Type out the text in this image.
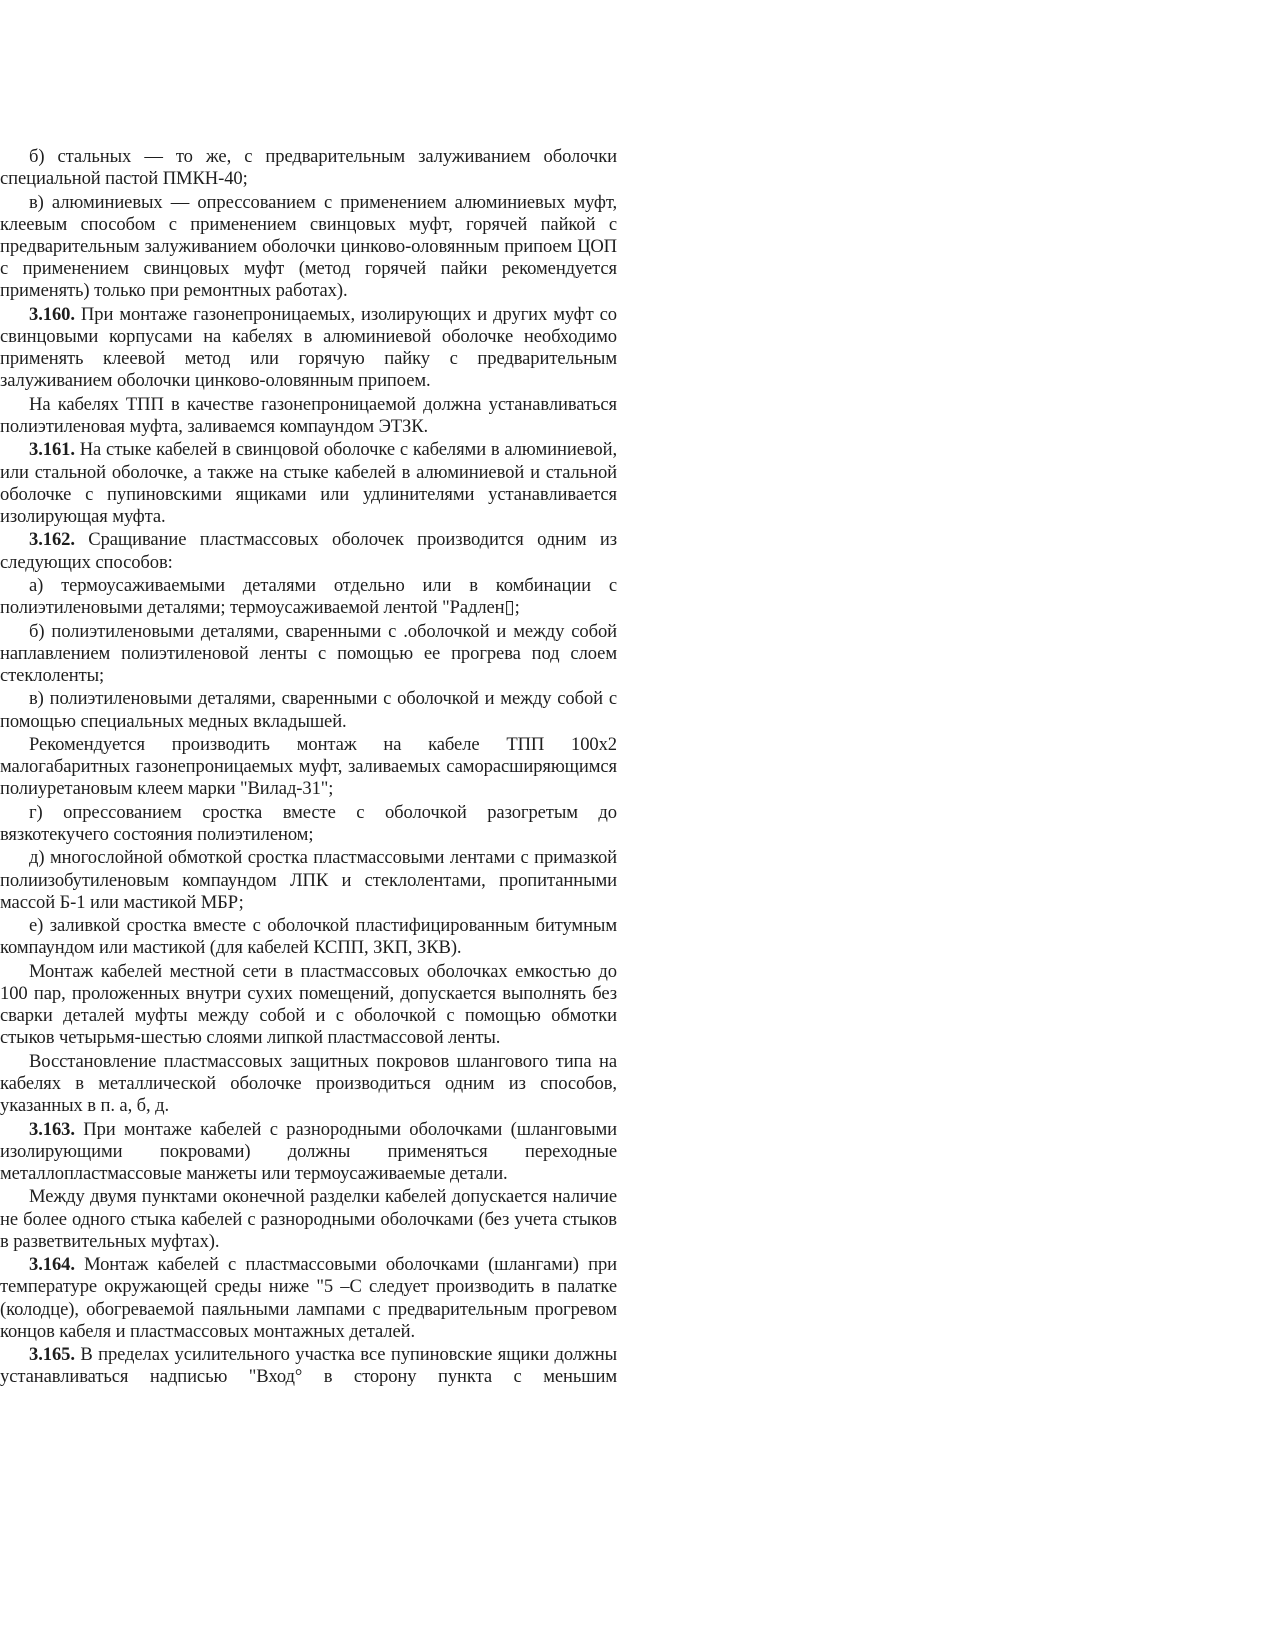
б) стальных — то же, с предварительным залуживанием оболочки специальной пастой ПМКН-40;

в) алюминиевых — опрессованием с применением алюминиевых муфт, клеевым способом с применением свинцовых муфт, горячей пайкой с предварительным залуживанием оболочки цинково-оловянным припоем ЦОП с применением свинцовых муфт (метод горячей пайки рекомендуется применять) только при ремонтных работах).

3.160. При монтаже газонепроницаемых, изолирующих и других муфт со свинцовыми корпусами на кабелях в алюминиевой оболочке необходимо применять клеевой метод или горячую пайку с предварительным залуживанием оболочки цинково-оловянным припоем.

На кабелях ТПП в качестве газонепроницаемой должна устанавливаться полиэтиленовая муфта, заливаемся компаундом ЭТЗК.

3.161. На стыке кабелей в свинцовой оболочке с кабелями в алюминиевой, или стальной оболочке, а также на стыке кабелей в алюминиевой и стальной оболочке с пупиновскими ящиками или удлинителями устанавливается изолирующая муфта.

3.162. Сращивание пластмассовых оболочек производится одним из следующих способов:

а) термоусаживаемыми деталями отдельно или в комбинации с полиэтиленовыми деталями; термоусаживаемой лентой "Радлен▯;

б) полиэтиленовыми деталями, сваренными с .оболочкой и между собой наплавлением полиэтиленовой ленты с помощью ее прогрева под слоем стеклоленты;

в) полиэтиленовыми деталями, сваренными с оболочкой и между собой с помощью специальных медных вкладышей.

Рекомендуется производить монтаж на кабеле ТПП 100х2 малогабаритных газонепроницаемых муфт, заливаемых саморасширяющимся полиуретановым клеем марки "Вилад-31";

г) опрессованием сростка вместе с оболочкой разогретым до вязкотекучего состояния полиэтиленом;

д) многослойной обмоткой сростка пластмассовыми лентами с примазкой полиизобутиленовым компаундом ЛПК и стеклолентами, пропитанными массой Б-1 или мастикой МБР;

е) заливкой сростка вместе с оболочкой пластифицированным битумным компаундом или мастикой (для кабелей КСПП, ЗКП, ЗКВ).

Монтаж кабелей местной сети в пластмассовых оболочках емкостью до 100 пар, проложенных внутри сухих помещений, допускается выполнять без сварки деталей муфты между собой и с оболочкой с помощью обмотки стыков четырьмя-шестью слоями липкой пластмассовой ленты.

Восстановление пластмассовых защитных покровов шлангового типа на кабелях в металлической оболочке производиться одним из способов, указанных в п. а, б, д.

3.163. При монтаже кабелей с разнородными оболочками (шланговыми изолирующими покровами) должны применяться переходные металлопластмассовые манжеты или термоусаживаемые детали.

Между двумя пунктами оконечной разделки кабелей допускается наличие не более одного стыка кабелей с разнородными оболочками (без учета стыков в разветвительных муфтах).

3.164. Монтаж кабелей с пластмассовыми оболочками (шлангами) при температуре окружающей среды ниже "5 –С следует производить в палатке (колодце), обогреваемой паяльными лампами с предварительным прогревом концов кабеля и пластмассовых монтажных деталей.

3.165. В пределах усилительного участка все пупиновские ящики должны устанавливаться надписью "Вход° в сторону пункта с меньшим
